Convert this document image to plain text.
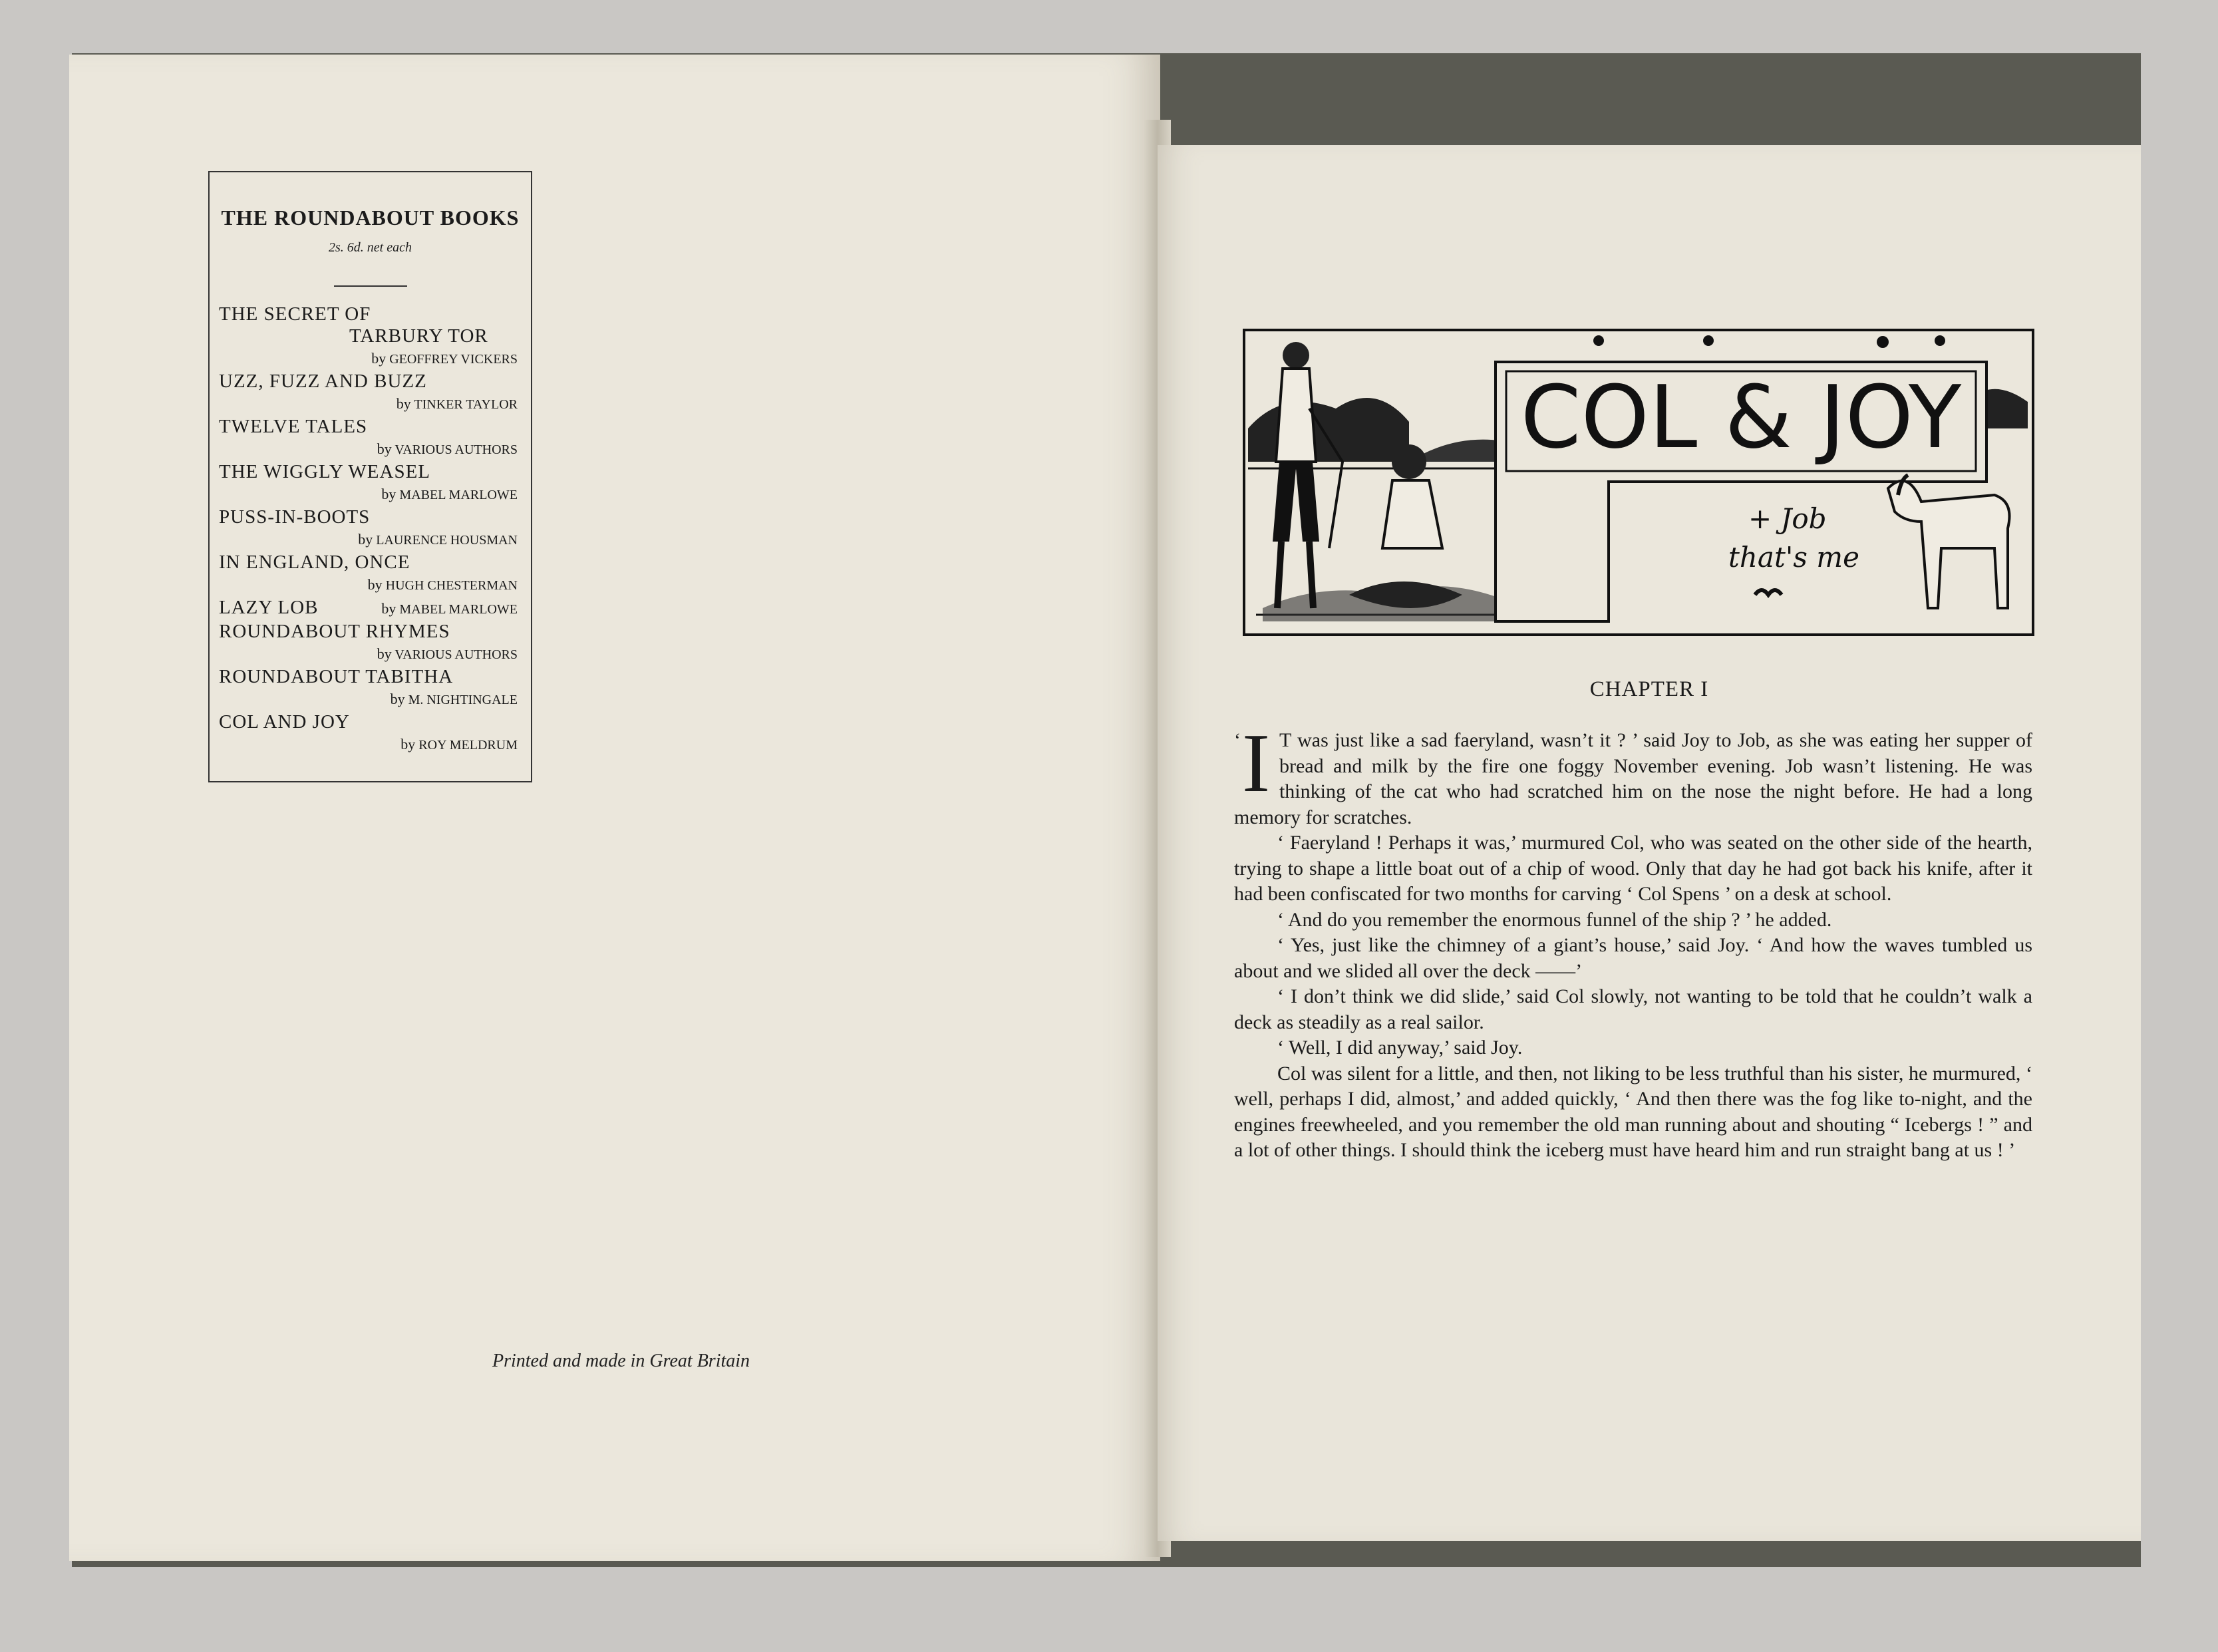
THE ROUNDABOUT BOOKS
2s. 6d. net each
THE SECRET OF
TARBURY TOR
by GEOFFREY VICKERS
UZZ, FUZZ AND BUZZ
by TINKER TAYLOR
TWELVE TALES
by VARIOUS AUTHORS
THE WIGGLY WEASEL
by MABEL MARLOWE
PUSS-IN-BOOTS
by LAURENCE HOUSMAN
IN ENGLAND, ONCE
by HUGH CHESTERMAN
LAZY LOB	by MABEL MARLOWE
ROUNDABOUT RHYMES
by VARIOUS AUTHORS
ROUNDABOUT TABITHA
by M. NIGHTINGALE
COL AND JOY
by ROY MELDRUM
Printed and made in Great Britain
COL & JOY
+ Job
that's me
CHAPTER I

‘ I T was just like a sad faeryland, wasn’t it ? ’ said Joy to Job, as she was eating her supper of bread and milk by the fire one foggy November evening. Job wasn’t listening. He was thinking of the cat who had scratched him on the nose the night before. He had a long memory for scratches.

‘ Faeryland ! Perhaps it was,’ murmured Col, who was seated on the other side of the hearth, trying to shape a little boat out of a chip of wood. Only that day he had got back his knife, after it had been confiscated for two months for carving ‘ Col Spens ’ on a desk at school.

‘ And do you remember the enormous funnel of the ship ? ’ he added.

‘ Yes, just like the chimney of a giant’s house,’ said Joy. ‘ And how the waves tumbled us about and we slided all over the deck ——’

‘ I don’t think we did slide,’ said Col slowly, not wanting to be told that he couldn’t walk a deck as steadily as a real sailor.

‘ Well, I did anyway,’ said Joy.

Col was silent for a little, and then, not liking to be less truthful than his sister, he murmured, ‘ well, perhaps I did, almost,’ and added quickly, ‘ And then there was the fog like to-night, and the engines freewheeled, and you remember the old man running about and shouting “ Icebergs ! ” and a lot of other things. I should think the iceberg must have heard him and run straight bang at us ! ’
